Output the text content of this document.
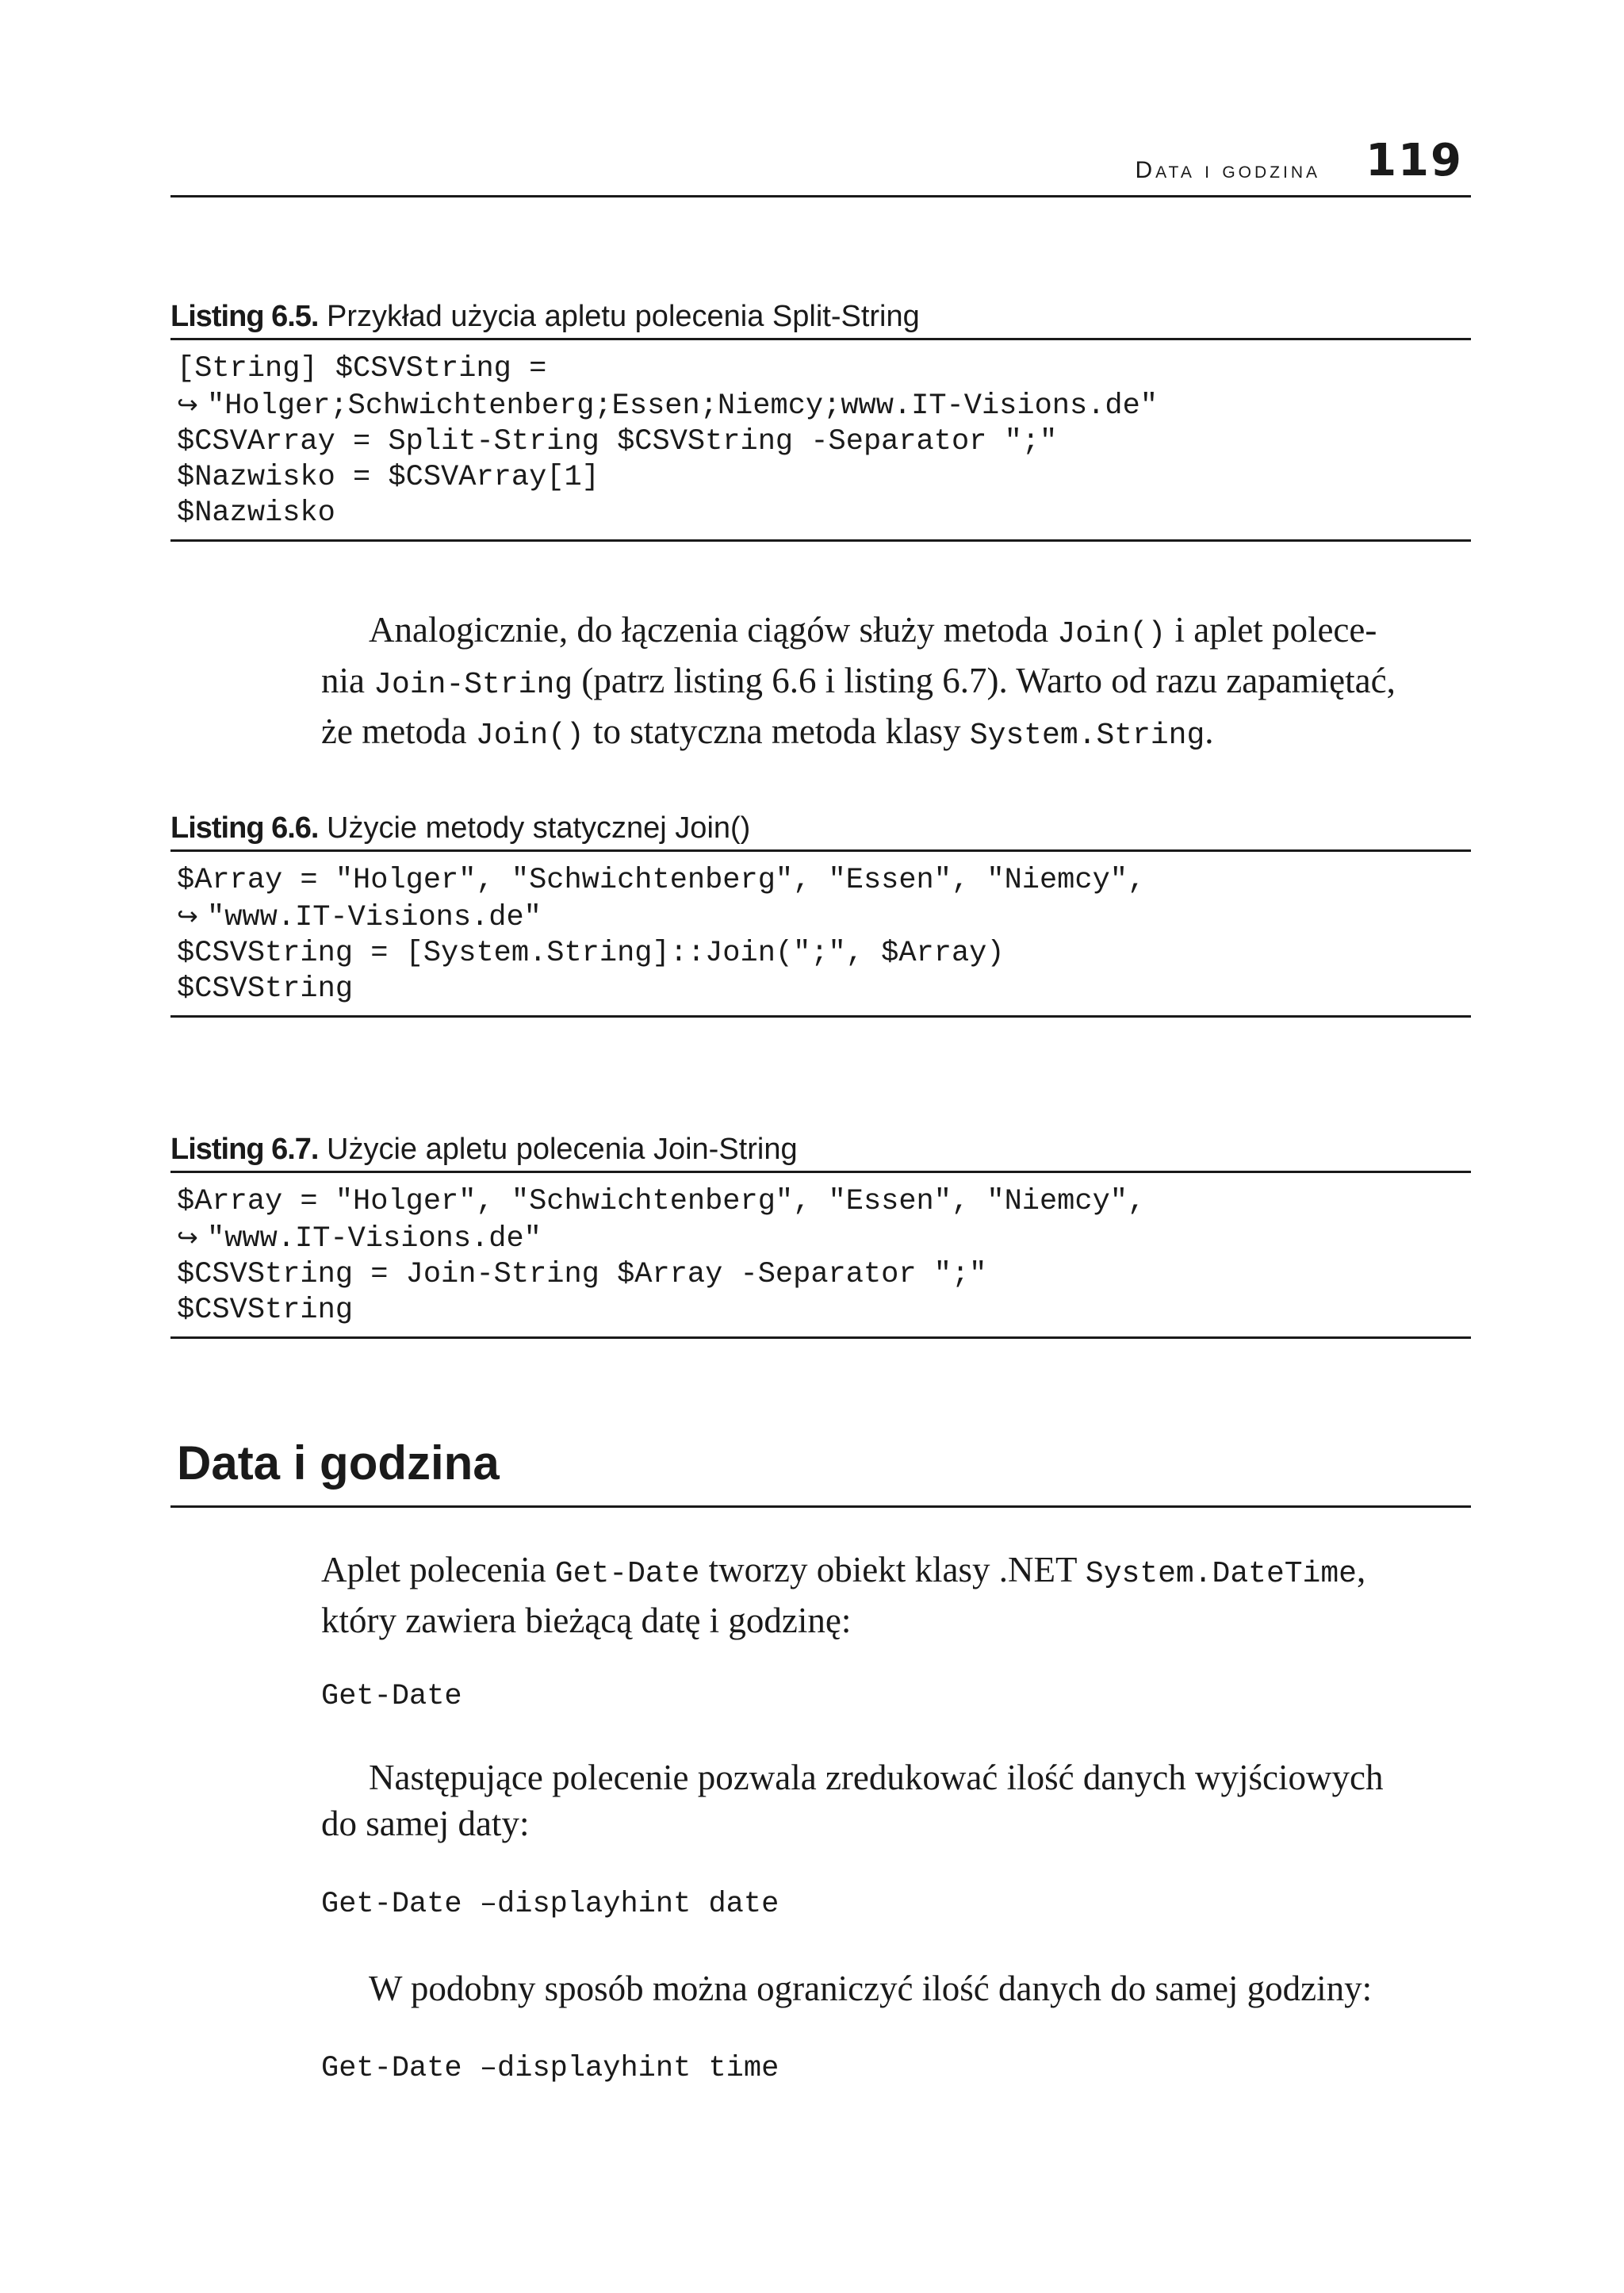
Data i godzina 119
Listing 6.5. Przykład użycia apletu polecenia Split-String
[String] $CSVString =
↪ "Holger;Schwichtenberg;Essen;Niemcy;www.IT-Visions.de"
$CSVArray = Split-String $CSVString -Separator ";"
$Nazwisko = $CSVArray[1]
$Nazwisko
Analogicznie, do łączenia ciągów służy metoda Join() i aplet polece-
nia Join-String (patrz listing 6.6 i listing 6.7). Warto od razu zapamiętać,
że metoda Join() to statyczna metoda klasy System.String.
Listing 6.6. Użycie metody statycznej Join()
$Array = "Holger", "Schwichtenberg", "Essen", "Niemcy",
↪ "www.IT-Visions.de"
$CSVString = [System.String]::Join(";", $Array)
$CSVString
Listing 6.7. Użycie apletu polecenia Join-String
$Array = "Holger", "Schwichtenberg", "Essen", "Niemcy",
↪ "www.IT-Visions.de"
$CSVString = Join-String $Array -Separator ";"
$CSVString
Data i godzina
Aplet polecenia Get-Date tworzy obiekt klasy .NET System.DateTime,
który zawiera bieżącą datę i godzinę:
Get-Date
Następujące polecenie pozwala zredukować ilość danych wyjściowych
do samej daty:
Get-Date –displayhint date
W podobny sposób można ograniczyć ilość danych do samej godziny:
Get-Date –displayhint time
